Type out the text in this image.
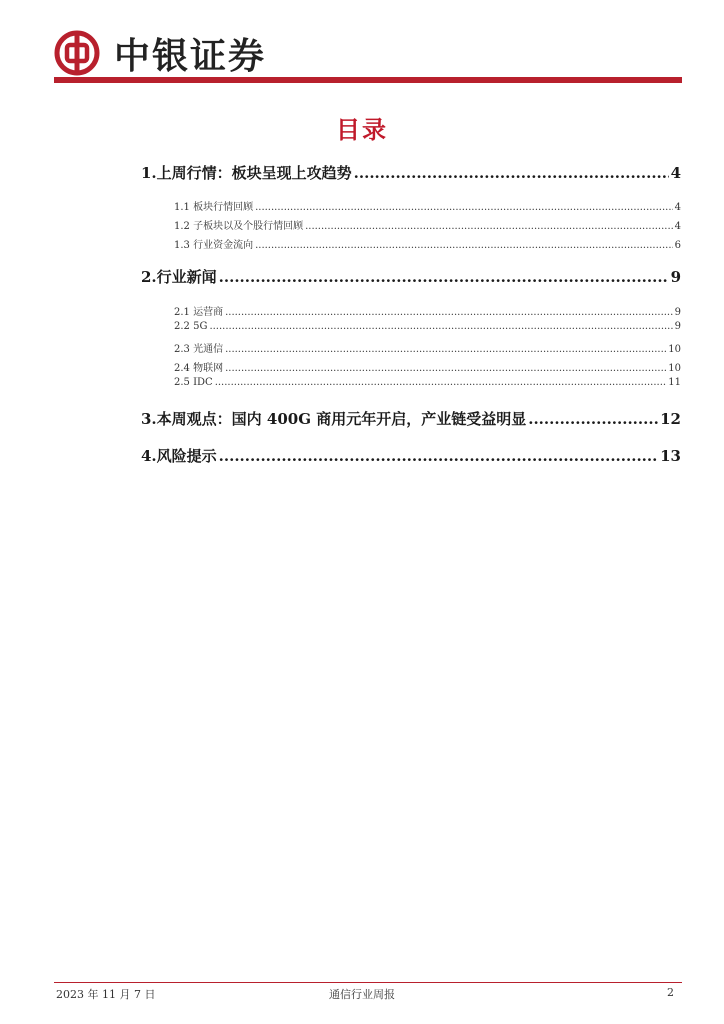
中银证券
目录
1.上周行情：板块呈现上攻趋势 .....	4
1.1 板块行情回顾 .....	4
1.2 子板块以及个股行情回顾 .....	4
1.3 行业资金流向 .....	6
2.行业新闻 .....	9
2.1 运营商 .....	9
2.2 5G .....	9
2.3 光通信 .....	10
2.4 物联网 .....	10
2.5 IDC .....	11
3.本周观点：国内 400G 商用元年开启，产业链受益明显 .....	12
4.风险提示 .....	13
2023 年 11 月 7 日	通信行业周报	2
